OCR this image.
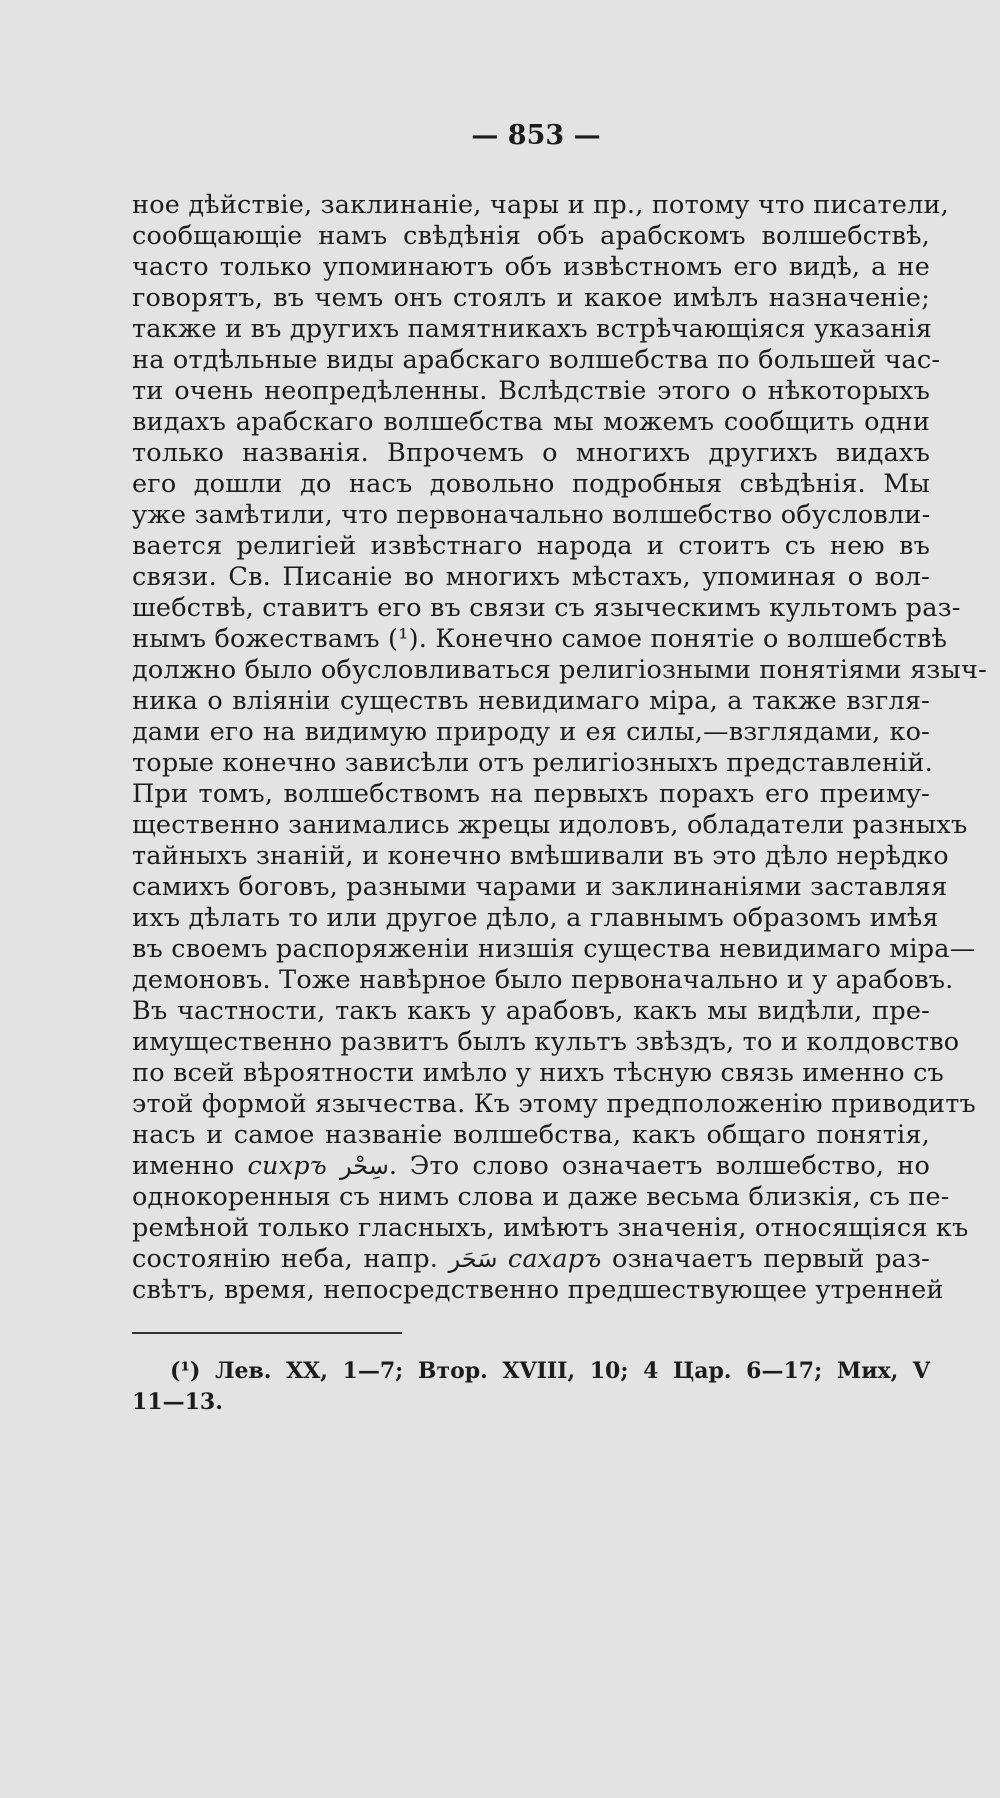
— 853 —

ное дѣйствіе, заклинаніе, чары и пр., потому что писатели,
сообщающіе намъ свѣдѣнія объ арабскомъ волшебствѣ,
часто только упоминаютъ объ извѣстномъ его видѣ, а не
говорятъ, въ чемъ онъ стоялъ и какое имѣлъ назначеніе;
также и въ другихъ памятникахъ встрѣчающіяся указанія
на отдѣльные виды арабскаго волшебства по большей час-
ти очень неопредѣленны. Вслѣдствіе этого о нѣкоторыхъ
видахъ арабскаго волшебства мы можемъ сообщить одни
только названія. Впрочемъ о многихъ другихъ видахъ
его дошли до насъ довольно подробныя свѣдѣнія. Мы
уже замѣтили, что первоначально волшебство обусловли-
вается религіей извѣстнаго народа и стоитъ съ нею въ
связи. Св. Писаніе во многихъ мѣстахъ, упоминая о вол-
шебствѣ, ставитъ его въ связи съ языческимъ культомъ раз-
нымъ божествамъ (¹). Конечно самое понятіе о волшебствѣ
должно было обусловливаться религіозными понятіями языч-
ника о вліяніи существъ невидимаго міра, а также взгля-
дами его на видимую природу и ея силы,—взглядами, ко-
торые конечно зависѣли отъ религіозныхъ представленій.
При томъ, волшебствомъ на первыхъ порахъ его преиму-
щественно занимались жрецы идоловъ, обладатели разныхъ
тайныхъ знаній, и конечно вмѣшивали въ это дѣло нерѣдко
самихъ боговъ, разными чарами и заклинаніями заставляя
ихъ дѣлать то или другое дѣло, а главнымъ образомъ имѣя
въ своемъ распоряженіи низшія существа невидимаго міра—
демоновъ. Тоже навѣрное было первоначально и у арабовъ.
Въ частности, такъ какъ у арабовъ, какъ мы видѣли, пре-
имущественно развитъ былъ культъ звѣздъ, то и колдовство
по всей вѣроятности имѣло у нихъ тѣсную связь именно съ
этой формой язычества. Къ этому предположенію приводитъ
насъ и самое названіе волшебства, какъ общаго понятія,

именно сихръ سِحْر. Это слово означаетъ волшебство, но

однокоренныя съ нимъ слова и даже весьма близкія, съ пе-
ремѣной только гласныхъ, имѣютъ значенія, относящіяся къ

состоянію неба, напр. سَحَر сахаръ означаетъ первый раз-

свѣтъ, время, непосредственно предшествующее утренней

(¹) Лев. XX, 1—7; Втор. XVIII, 10; 4 Цар. 6—17; Мих, V
11—13.
